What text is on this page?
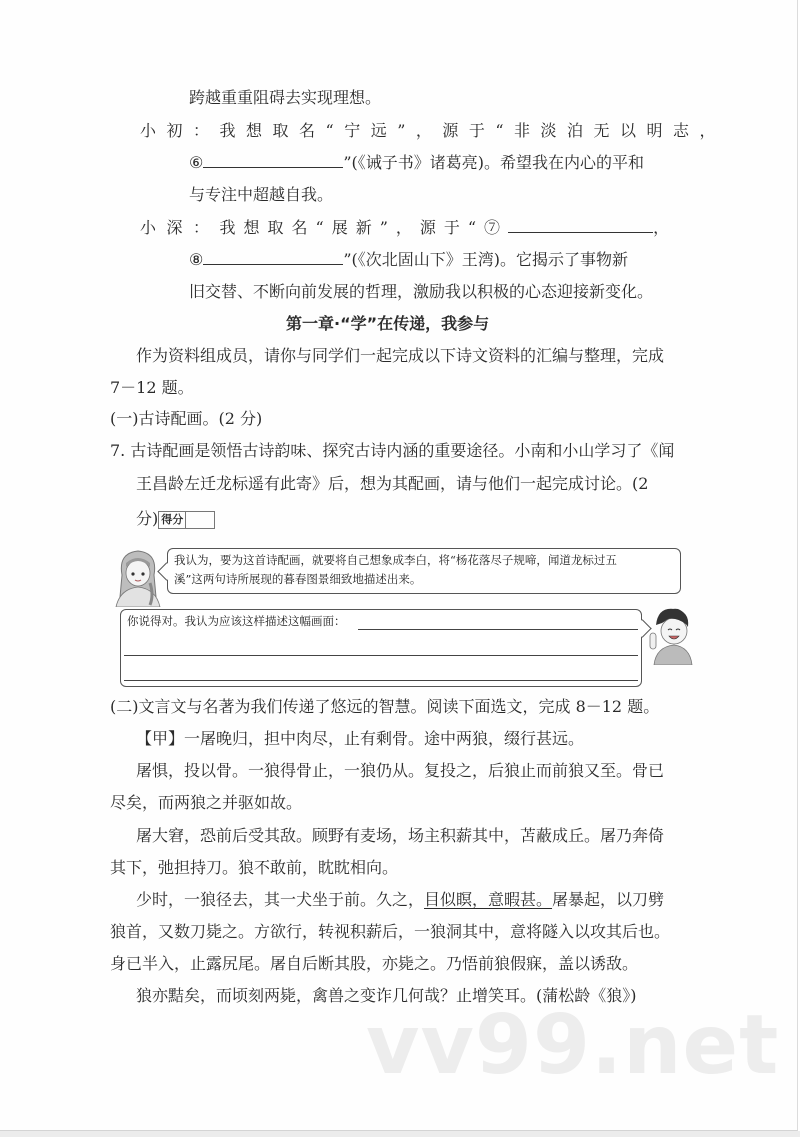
跨越重重阻碍去实现理想。
小初：我想取名“宁远”，源于“非淡泊无以明志，
⑥	”(《诫子书》诸葛亮)。希望我在内心的平和
与专注中超越自我。
小深：我想取名“展新”，源于“⑦	，
⑧	”(《次北固山下》王湾)。它揭示了事物新
旧交替、不断向前发展的哲理，激励我以积极的心态迎接新变化。
第一章·“学”在传递，我参与
作为资料组成员，请你与同学们一起完成以下诗文资料的汇编与整理，完成
7－12 题。
(一)古诗配画。(2 分)
7. 古诗配画是领悟古诗韵味、探究古诗内涵的重要途径。小南和小山学习了《闻
王昌龄左迁龙标遥有此寄》后，想为其配画，请与他们一起完成讨论。(2
分) 得分
我认为，要为这首诗配画，就要将自己想象成李白，将“杨花落尽子规啼，闻道龙标过五
溪”这两句诗所展现的暮春图景细致地描述出来。
你说得对。我认为应该这样描述这幅画面：
(二)文言文与名著为我们传递了悠远的智慧。阅读下面选文，完成 8－12 题。
【甲】一屠晚归，担中肉尽，止有剩骨。途中两狼，缀行甚远。
屠惧，投以骨。一狼得骨止，一狼仍从。复投之，后狼止而前狼又至。骨已
尽矣，而两狼之并驱如故。
屠大窘，恐前后受其敌。顾野有麦场，场主积薪其中，苫蔽成丘。屠乃奔倚
其下，弛担持刀。狼不敢前，眈眈相向。
少时，一狼径去，其一犬坐于前。久之，目似瞑，意暇甚。屠暴起，以刀劈
狼首，又数刀毙之。方欲行，转视积薪后，一狼洞其中，意将隧入以攻其后也。
身已半入，止露尻尾。屠自后断其股，亦毙之。乃悟前狼假寐，盖以诱敌。
狼亦黠矣，而顷刻两毙，禽兽之变诈几何哉？止增笑耳。(蒲松龄《狼》)
vv99.net
